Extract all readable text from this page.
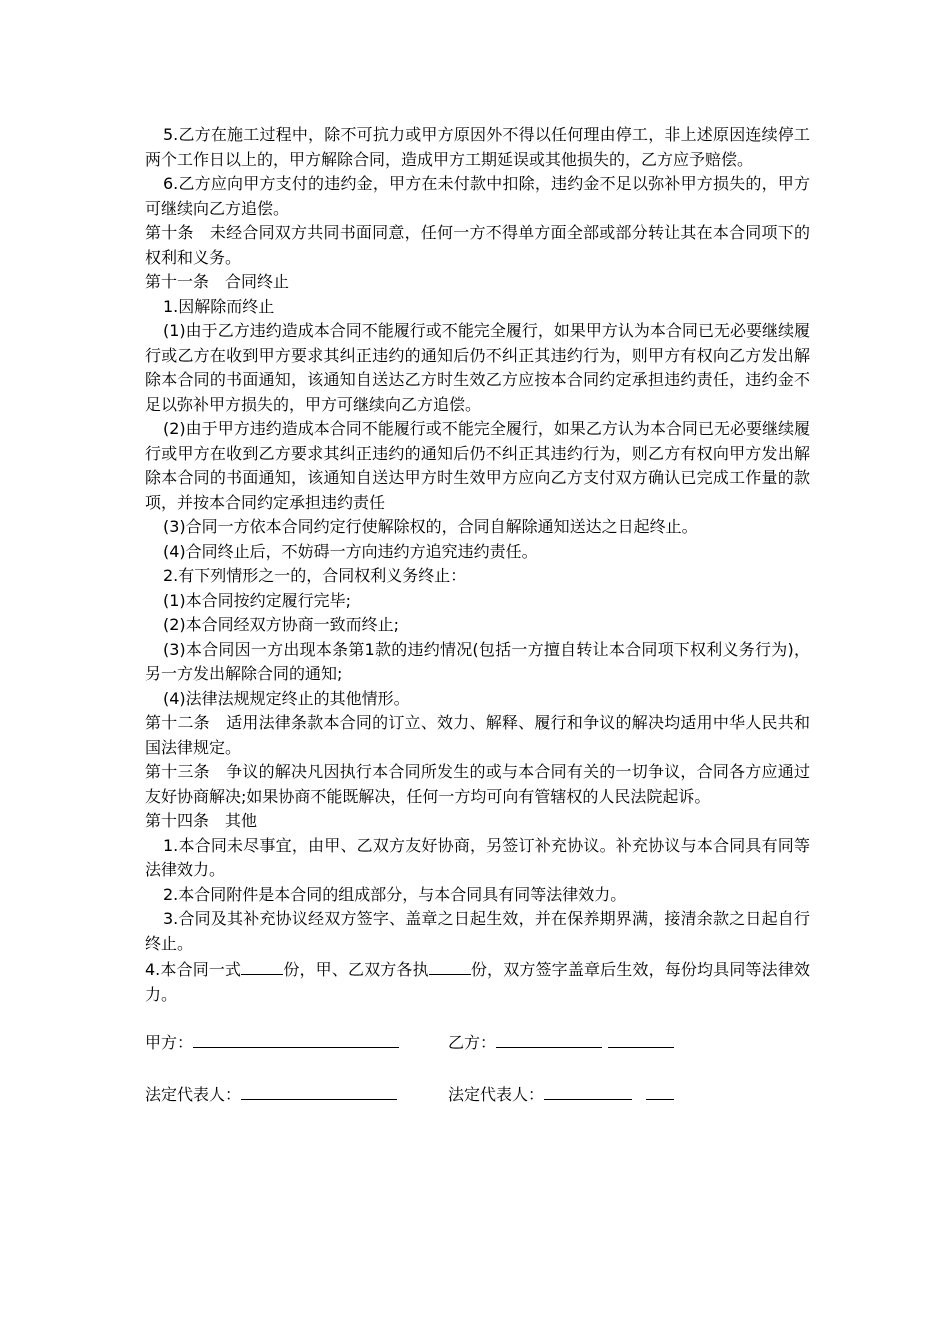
5.乙方在施工过程中，除不可抗力或甲方原因外不得以任何理由停工，非上述原因连续停工两个工作日以上的，甲方解除合同，造成甲方工期延误或其他损失的，乙方应予赔偿。

6.乙方应向甲方支付的违约金，甲方在未付款中扣除，违约金不足以弥补甲方损失的，甲方可继续向乙方追偿。

第十条　未经合同双方共同书面同意，任何一方不得单方面全部或部分转让其在本合同项下的权利和义务。

第十一条　合同终止

1.因解除而终止

(1)由于乙方违约造成本合同不能履行或不能完全履行，如果甲方认为本合同已无必要继续履行或乙方在收到甲方要求其纠正违约的通知后仍不纠正其违约行为，则甲方有权向乙方发出解除本合同的书面通知，该通知自送达乙方时生效乙方应按本合同约定承担违约责任，违约金不足以弥补甲方损失的，甲方可继续向乙方追偿。

(2)由于甲方违约造成本合同不能履行或不能完全履行，如果乙方认为本合同已无必要继续履行或甲方在收到乙方要求其纠正违约的通知后仍不纠正其违约行为，则乙方有权向甲方发出解除本合同的书面通知，该通知自送达甲方时生效甲方应向乙方支付双方确认已完成工作量的款项，并按本合同约定承担违约责任

(3)合同一方依本合同约定行使解除权的，合同自解除通知送达之日起终止。

(4)合同终止后，不妨碍一方向违约方追究违约责任。

2.有下列情形之一的，合同权利义务终止：

(1)本合同按约定履行完毕;

(2)本合同经双方协商一致而终止;

(3)本合同因一方出现本条第1款的违约情况(包括一方擅自转让本合同项下权利义务行为)，另一方发出解除合同的通知;

(4)法律法规规定终止的其他情形。

第十二条　适用法律条款本合同的订立、效力、解释、履行和争议的解决均适用中华人民共和国法律规定。

第十三条　争议的解决凡因执行本合同所发生的或与本合同有关的一切争议，合同各方应通过友好协商解决;如果协商不能既解决，任何一方均可向有管辖权的人民法院起诉。

第十四条　其他

1.本合同未尽事宜，由甲、乙双方友好协商，另签订补充协议。补充协议与本合同具有同等法律效力。

2.本合同附件是本合同的组成部分，与本合同具有同等法律效力。

3.合同及其补充协议经双方签字、盖章之日起生效，并在保养期界满，接清余款之日起自行终止。

4.本合同一式	份，甲、乙双方各执	份，双方签字盖章后生效，每份均具同等法律效力。

甲方：	乙方：
法定代表人：	法定代表人：
